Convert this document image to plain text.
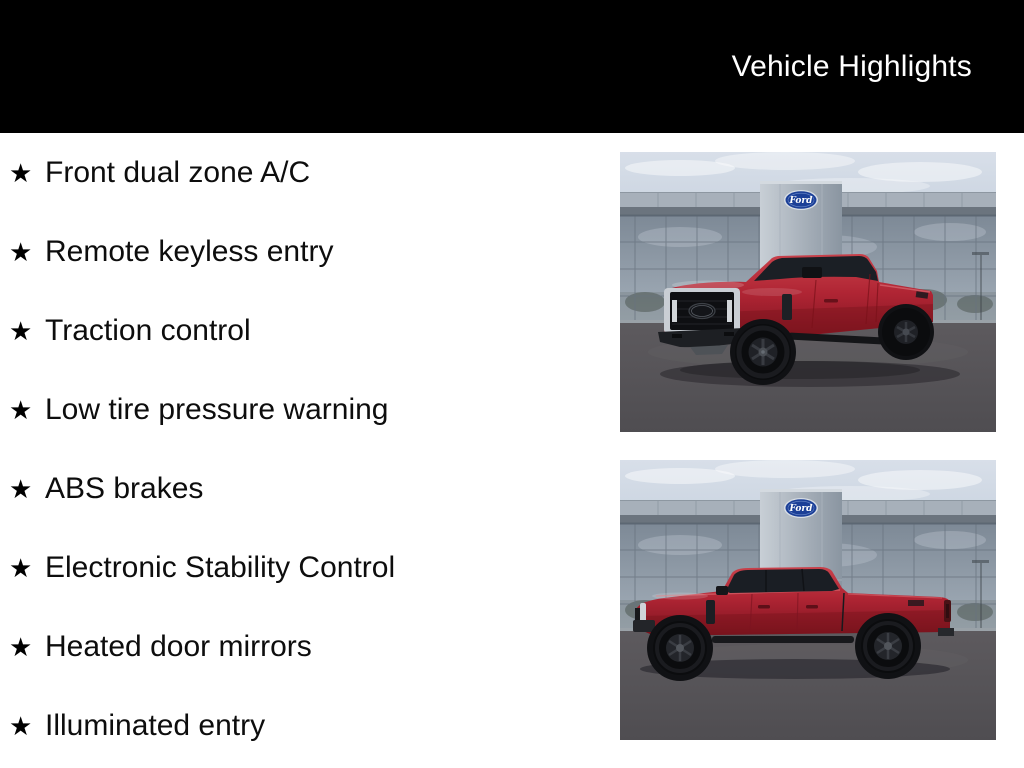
Vehicle Highlights
★ Front dual zone A/C
★ Remote keyless entry
★ Traction control
★ Low tire pressure warning
★ ABS brakes
★ Electronic Stability Control
★ Heated door mirrors
★ Illuminated entry
